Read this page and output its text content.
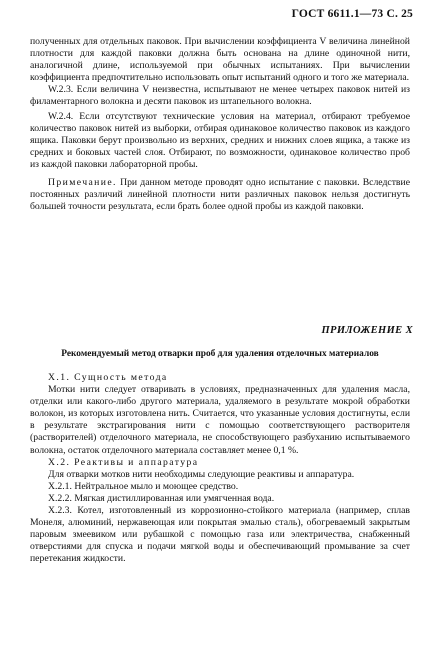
ГОСТ 6611.1—73 С. 25

полученных для отдельных паковок. При вычислении коэффициента V величина линейной плотности для каждой паковки должна быть основана на длине одиночной нити, аналогичной длине, используемой при обычных испытаниях. При вычислении коэффициента предпочтительно использовать опыт испытаний одного и того же материала.

W.2.3. Если величина V неизвестна, испытывают не менее четырех паковок нитей из филаментарного волокна и десяти паковок из штапельного волокна.

W.2.4. Если отсутствуют технические условия на материал, отбирают требуемое количество паковок нитей из выборки, отбирая одинаковое количество паковок из каждого ящика. Паковки берут произвольно из верхних, средних и нижних слоев ящика, а также из средних и боковых частей слоя. Отбирают, по возможности, одинаковое количество проб из каждой паковки лабораторной пробы.

Примечание. При данном методе проводят одно испытание с паковки. Вследствие постоянных различий линейной плотности нити различных паковок нельзя достигнуть большей точности результата, если брать более одной пробы из каждой паковки.

ПРИЛОЖЕНИЕ X
Рекомендуемый метод отварки проб для удаления отделочных материалов

X.1. Сущность метода

Мотки нити следует отваривать в условиях, предназначенных для удаления масла, отделки или какого-либо другого материала, удаляемого в результате мокрой обработки волокон, из которых изготовлена нить. Считается, что указанные условия достигнуты, если в результате экстрагирования нити с помощью соответствующего растворителя (растворителей) отделочного материала, не способствующего разбуханию испытываемого волокна, остаток отделочного материала составляет менее 0,1 %.

X.2. Реактивы и аппаратура

Для отварки мотков нити необходимы следующие реактивы и аппаратура.

X.2.1. Нейтральное мыло и моющее средство.

X.2.2. Мягкая дистиллированная или умягченная вода.

X.2.3. Котел, изготовленный из коррозионно-стойкого материала (например, сплав Монеля, алюминий, нержавеющая или покрытая эмалью сталь), обогреваемый закрытым паровым змеевиком или рубашкой с помощью газа или электричества, снабженный отверстиями для спуска и подачи мягкой воды и обеспечивающий промывание за счет перетекания жидкости.
